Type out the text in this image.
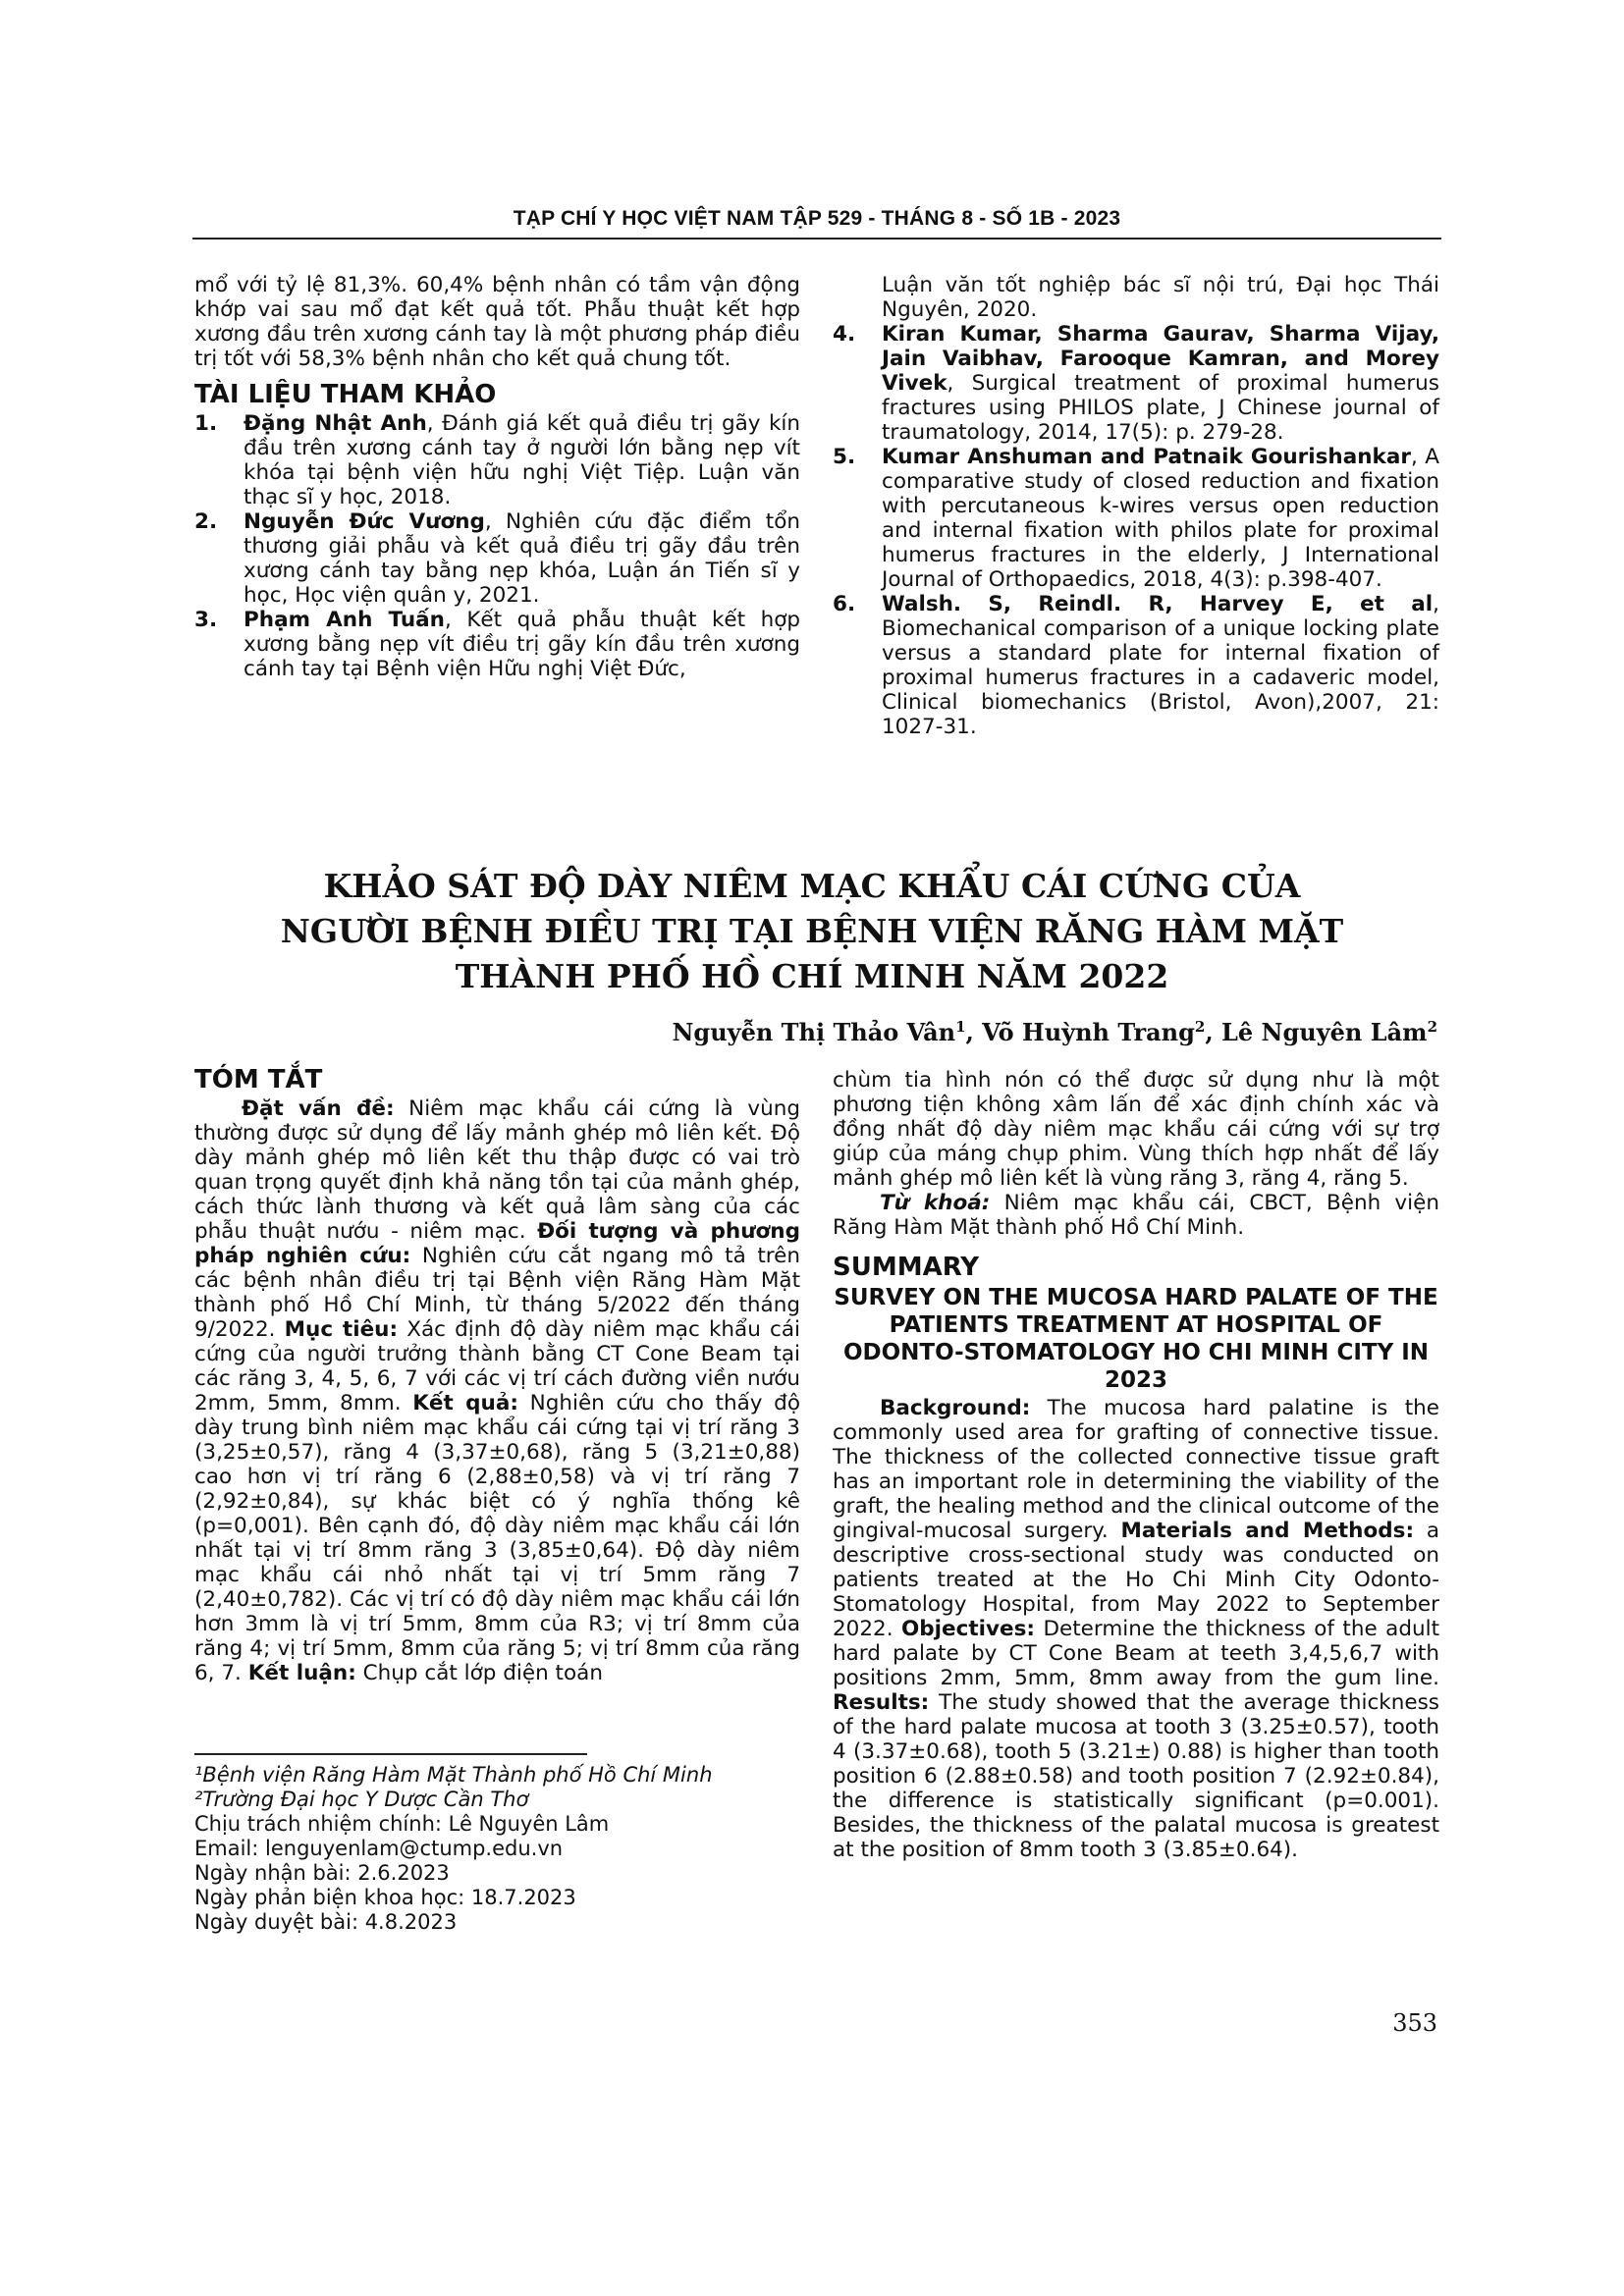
TẠP CHÍ Y HỌC VIỆT NAM TẬP 529 - THÁNG 8 - SỐ 1B - 2023

mổ với tỷ lệ 81,3%. 60,4% bệnh nhân có tầm vận động khớp vai sau mổ đạt kết quả tốt. Phẫu thuật kết hợp xương đầu trên xương cánh tay là một phương pháp điều trị tốt với 58,3% bệnh nhân cho kết quả chung tốt.

TÀI LIỆU THAM KHẢO
1. Đặng Nhật Anh, Đánh giá kết quả điều trị gãy kín đầu trên xương cánh tay ở người lớn bằng nẹp vít khóa tại bệnh viện hữu nghị Việt Tiệp. Luận văn thạc sĩ y học, 2018.
2. Nguyễn Đức Vương, Nghiên cứu đặc điểm tổn thương giải phẫu và kết quả điều trị gãy đầu trên xương cánh tay bằng nẹp khóa, Luận án Tiến sĩ y học, Học viện quân y, 2021.
3. Phạm Anh Tuấn, Kết quả phẫu thuật kết hợp xương bằng nẹp vít điều trị gãy kín đầu trên xương cánh tay tại Bệnh viện Hữu nghị Việt Đức,
Luận văn tốt nghiệp bác sĩ nội trú, Đại học Thái Nguyên, 2020.
4. Kiran Kumar, Sharma Gaurav, Sharma Vijay, Jain Vaibhav, Farooque Kamran, and Morey Vivek, Surgical treatment of proximal humerus fractures using PHILOS plate, J Chinese journal of traumatology, 2014, 17(5): p. 279-28.
5. Kumar Anshuman and Patnaik Gourishankar, A comparative study of closed reduction and fixation with percutaneous k-wires versus open reduction and internal fixation with philos plate for proximal humerus fractures in the elderly, J International Journal of Orthopaedics, 2018, 4(3): p.398-407.
6. Walsh. S, Reindl. R, Harvey E, et al, Biomechanical comparison of a unique locking plate versus a standard plate for internal fixation of proximal humerus fractures in a cadaveric model, Clinical biomechanics (Bristol, Avon),2007, 21: 1027-31.
KHẢO SÁT ĐỘ DÀY NIÊM MẠC KHẨU CÁI CỨNG CỦA
NGƯỜI BỆNH ĐIỀU TRỊ TẠI BỆNH VIỆN RĂNG HÀM MẶT
THÀNH PHỐ HỒ CHÍ MINH NĂM 2022
Nguyễn Thị Thảo Vân$^1$, Võ Huỳnh Trang$^2$, Lê Nguyên Lâm$^2$
TÓM TẮT

Đặt vấn đề: Niêm mạc khẩu cái cứng là vùng thường được sử dụng để lấy mảnh ghép mô liên kết. Độ dày mảnh ghép mô liên kết thu thập được có vai trò quan trọng quyết định khả năng tồn tại của mảnh ghép, cách thức lành thương và kết quả lâm sàng của các phẫu thuật nướu - niêm mạc. Đối tượng và phương pháp nghiên cứu: Nghiên cứu cắt ngang mô tả trên các bệnh nhân điều trị tại Bệnh viện Răng Hàm Mặt thành phố Hồ Chí Minh, từ tháng 5/2022 đến tháng 9/2022. Mục tiêu: Xác định độ dày niêm mạc khẩu cái cứng của người trưởng thành bằng CT Cone Beam tại các răng 3, 4, 5, 6, 7 với các vị trí cách đường viền nướu 2mm, 5mm, 8mm. Kết quả: Nghiên cứu cho thấy độ dày trung bình niêm mạc khẩu cái cứng tại vị trí răng 3 (3,25±0,57), răng 4 (3,37±0,68), răng 5 (3,21±0,88) cao hơn vị trí răng 6 (2,88±0,58) và vị trí răng 7 (2,92±0,84), sự khác biệt có ý nghĩa thống kê (p=0,001). Bên cạnh đó, độ dày niêm mạc khẩu cái lớn nhất tại vị trí 8mm răng 3 (3,85±0,64). Độ dày niêm mạc khẩu cái nhỏ nhất tại vị trí 5mm răng 7 (2,40±0,782). Các vị trí có độ dày niêm mạc khẩu cái lớn hơn 3mm là vị trí 5mm, 8mm của R3; vị trí 8mm của răng 4; vị trí 5mm, 8mm của răng 5; vị trí 8mm của răng 6, 7. Kết luận: Chụp cắt lớp điện toán

¹Bệnh viện Răng Hàm Mặt Thành phố Hồ Chí Minh
²Trường Đại học Y Dược Cần Thơ
Chịu trách nhiệm chính: Lê Nguyên Lâm
Email: lenguyenlam@ctump.edu.vn
Ngày nhận bài: 2.6.2023
Ngày phản biện khoa học: 18.7.2023
Ngày duyệt bài: 4.8.2023

chùm tia hình nón có thể được sử dụng như là một phương tiện không xâm lấn để xác định chính xác và đồng nhất độ dày niêm mạc khẩu cái cứng với sự trợ giúp của máng chụp phim. Vùng thích hợp nhất để lấy mảnh ghép mô liên kết là vùng răng 3, răng 4, răng 5.

Từ khoá: Niêm mạc khẩu cái, CBCT, Bệnh viện Răng Hàm Mặt thành phố Hồ Chí Minh.

SUMMARY
SURVEY ON THE MUCOSA HARD PALATE OF THE PATIENTS TREATMENT AT HOSPITAL OF ODONTO-STOMATOLOGY HO CHI MINH CITY IN 2023

Background: The mucosa hard palatine is the commonly used area for grafting of connective tissue. The thickness of the collected connective tissue graft has an important role in determining the viability of the graft, the healing method and the clinical outcome of the gingival-mucosal surgery. Materials and Methods: a descriptive cross-sectional study was conducted on patients treated at the Ho Chi Minh City Odonto-Stomatology Hospital, from May 2022 to September 2022. Objectives: Determine the thickness of the adult hard palate by CT Cone Beam at teeth 3,4,5,6,7 with positions 2mm, 5mm, 8mm away from the gum line. Results: The study showed that the average thickness of the hard palate mucosa at tooth 3 (3.25±0.57), tooth 4 (3.37±0.68), tooth 5 (3.21±) 0.88) is higher than tooth position 6 (2.88±0.58) and tooth position 7 (2.92±0.84), the difference is statistically significant (p=0.001). Besides, the thickness of the palatal mucosa is greatest at the position of 8mm tooth 3 (3.85±0.64).

353
